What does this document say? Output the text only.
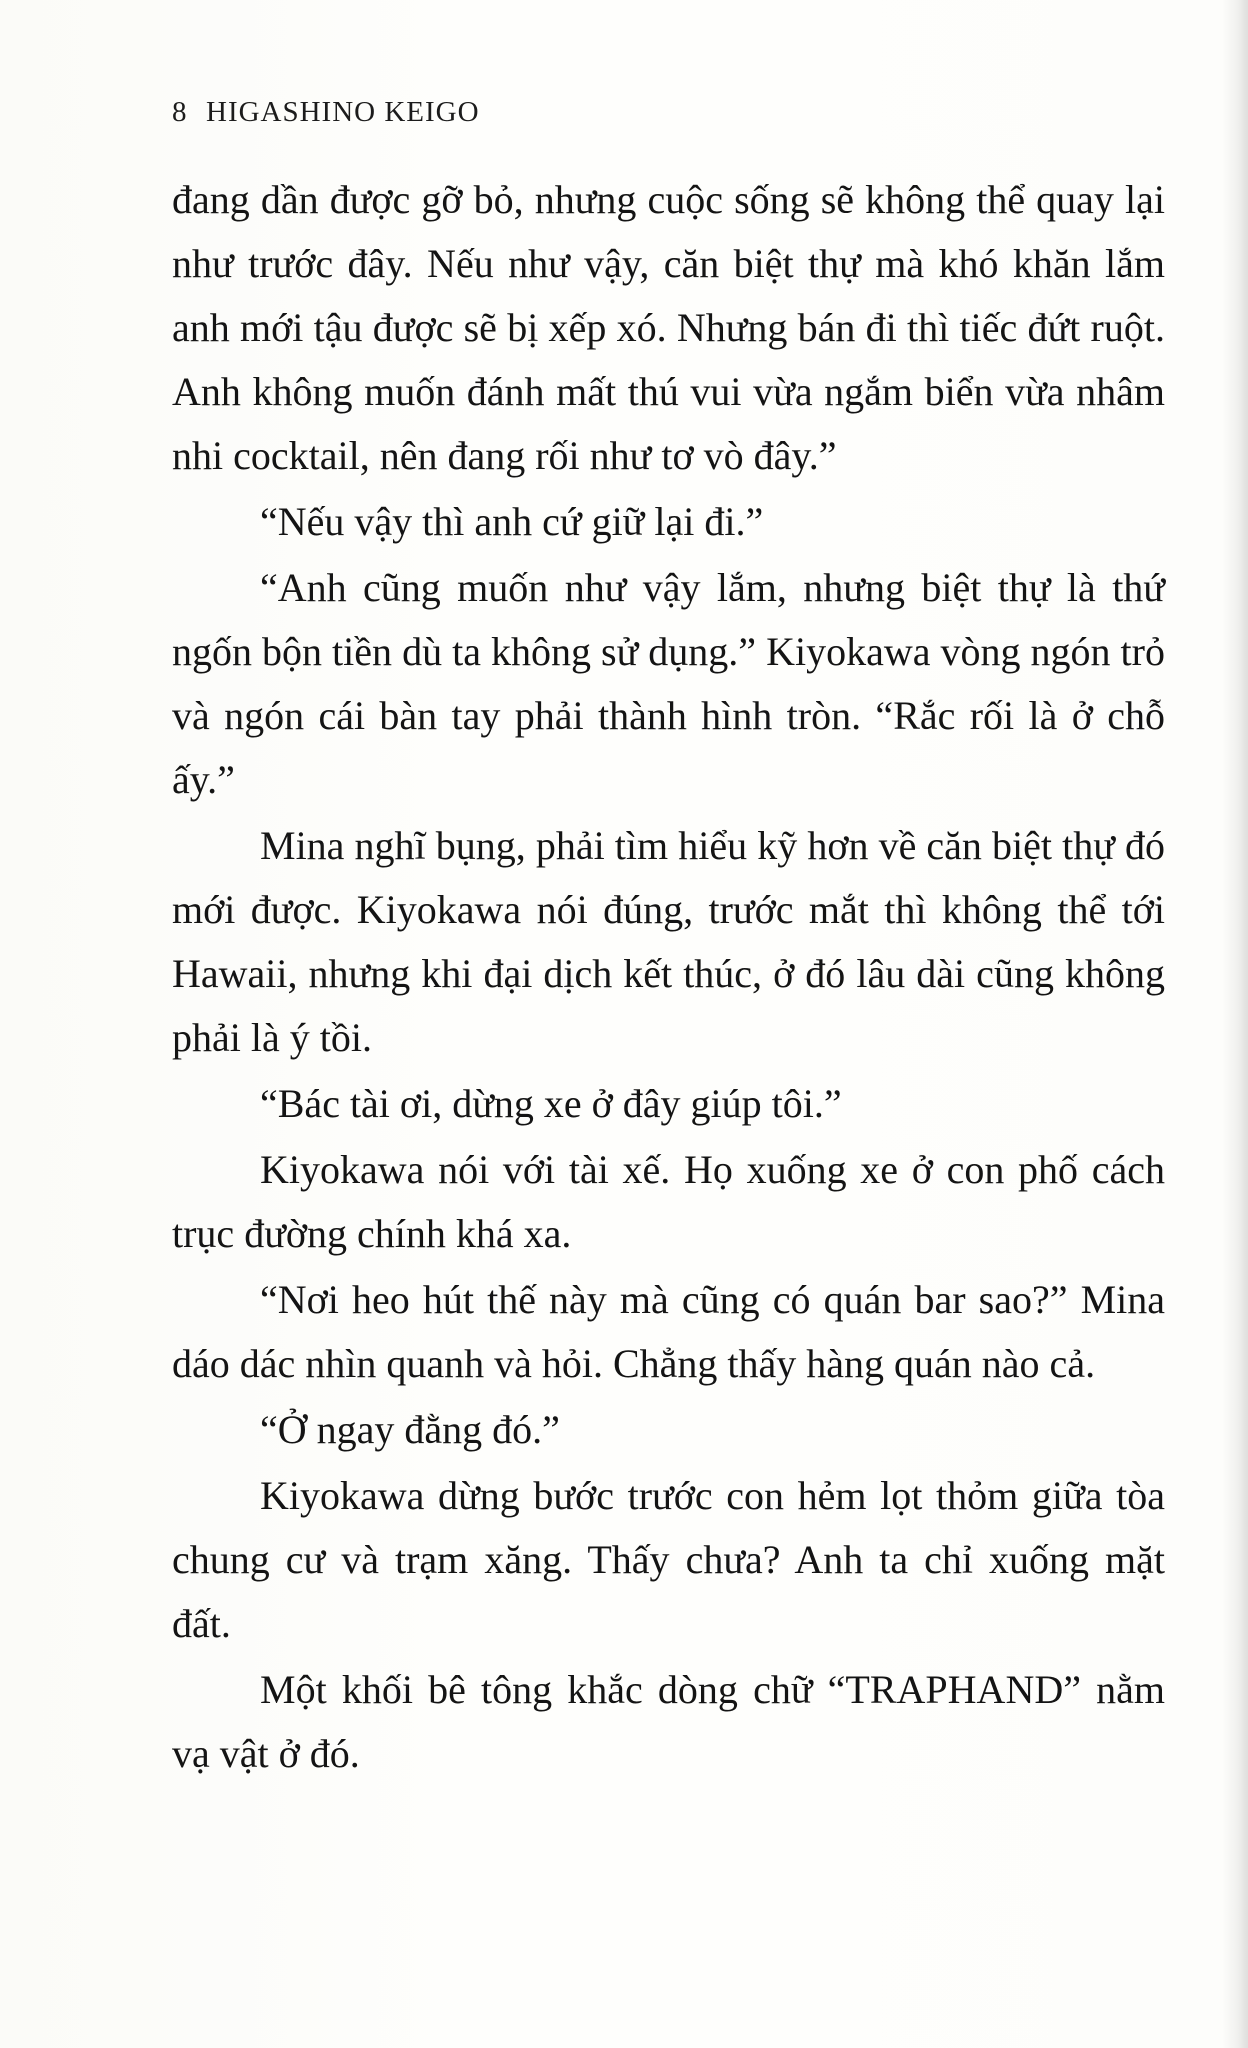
8 HIGASHINO KEIGO

đang dần được gỡ bỏ, nhưng cuộc sống sẽ không thể quay lại như trước đây. Nếu như vậy, căn biệt thự mà khó khăn lắm anh mới tậu được sẽ bị xếp xó. Nhưng bán đi thì tiếc đứt ruột. Anh không muốn đánh mất thú vui vừa ngắm biển vừa nhâm nhi cocktail, nên đang rối như tơ vò đây.”

“Nếu vậy thì anh cứ giữ lại đi.”

“Anh cũng muốn như vậy lắm, nhưng biệt thự là thứ ngốn bộn tiền dù ta không sử dụng.” Kiyokawa vòng ngón trỏ và ngón cái bàn tay phải thành hình tròn. “Rắc rối là ở chỗ ấy.”

Mina nghĩ bụng, phải tìm hiểu kỹ hơn về căn biệt thự đó mới được. Kiyokawa nói đúng, trước mắt thì không thể tới Hawaii, nhưng khi đại dịch kết thúc, ở đó lâu dài cũng không phải là ý tồi.

“Bác tài ơi, dừng xe ở đây giúp tôi.”

Kiyokawa nói với tài xế. Họ xuống xe ở con phố cách trục đường chính khá xa.

“Nơi heo hút thế này mà cũng có quán bar sao?” Mina dáo dác nhìn quanh và hỏi. Chẳng thấy hàng quán nào cả.

“Ở ngay đằng đó.”

Kiyokawa dừng bước trước con hẻm lọt thỏm giữa tòa chung cư và trạm xăng. Thấy chưa? Anh ta chỉ xuống mặt đất.

Một khối bê tông khắc dòng chữ “TRAPHAND” nằm vạ vật ở đó.
